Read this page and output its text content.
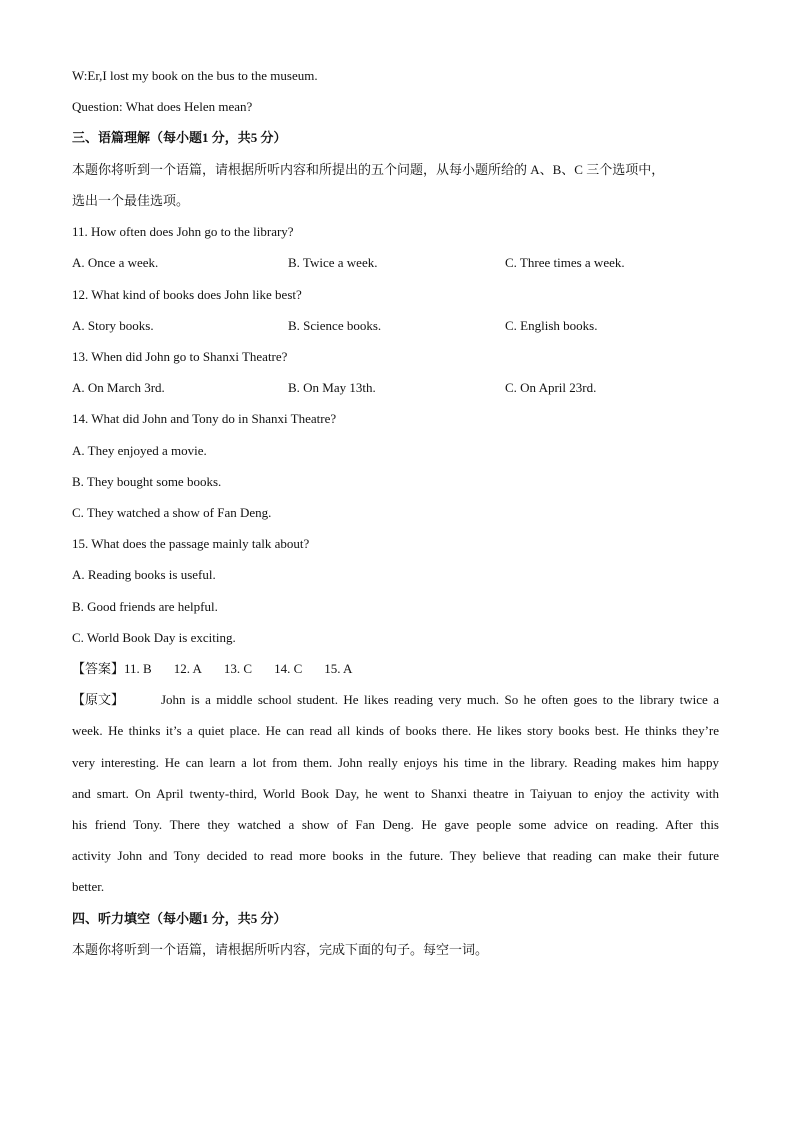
W:Er,I lost my book on the bus to the museum.
Question: What does Helen mean?
三、语篇理解（每小题1 分，共5 分）
本题你将听到一个语篇，请根据所听内容和所提出的五个问题，从每小题所给的 A、B、C 三个选项中，
选出一个最佳选项。
11. How often does John go to the library?
A. Once a week.	B. Twice a week.	C. Three times a week.
12. What kind of books does John like best?
A. Story books.	B. Science books.	C. English books.
13. When did John go to Shanxi Theatre?
A. On March 3rd.	B. On May 13th.	C. On April 23rd.
14. What did John and Tony do in Shanxi Theatre?
A. They enjoyed a movie.
B. They bought some books.
C. They watched a show of Fan Deng.
15. What does the passage mainly talk about?
A. Reading books is useful.
B. Good friends are helpful.
C. World Book Day is exciting.
【答案】11. B 12. A 13. C 14. C 15. A
【原文】	John is a middle school student. He likes reading very much. So he often goes to the library twice a
week. He thinks it’s a quiet place. He can read all kinds of books there. He likes story books best. He thinks they’re
very interesting. He can learn a lot from them. John really enjoys his time in the library. Reading makes him happy
and smart. On April twenty-third, World Book Day, he went to Shanxi theatre in Taiyuan to enjoy the activity with
his friend Tony. There they watched a show of Fan Deng. He gave people some advice on reading. After this
activity John and Tony decided to read more books in the future. They believe that reading can make their future
better.
四、听力填空（每小题1 分，共5 分）
本题你将听到一个语篇，请根据所听内容，完成下面的句子。每空一词。
